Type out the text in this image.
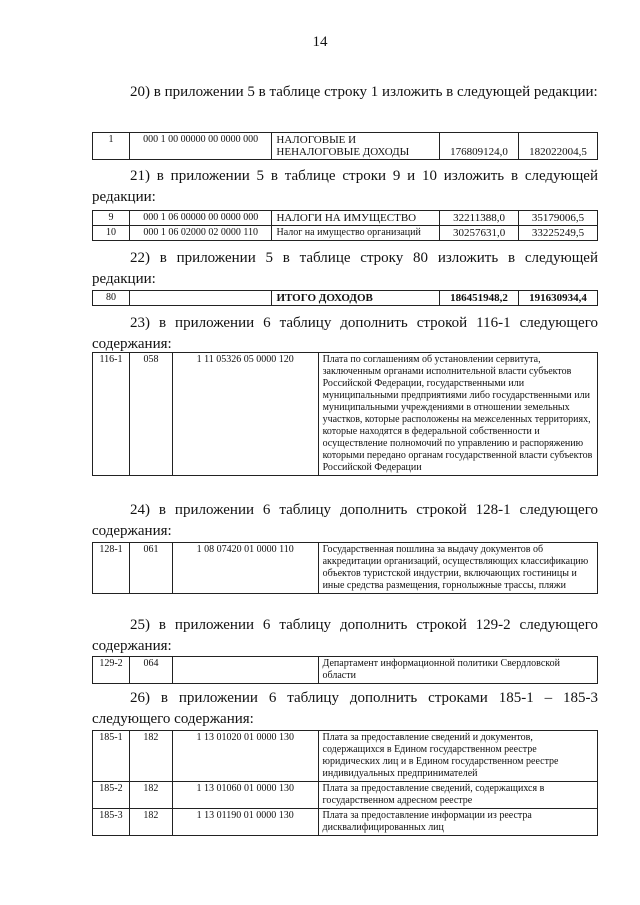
14

20) в приложении 5 в таблице строку 1 изложить в следующей редакции:

1	000 1 00 00000 00 0000 000	НАЛОГОВЫЕ И НЕНАЛОГОВЫЕ ДОХОДЫ	176809124,0	182022004,5

21) в приложении 5 в таблице строки 9 и 10 изложить в следующей редакции:

9	000 1 06 00000 00 0000 000	НАЛОГИ НА ИМУЩЕСТВО	32211388,0	35179006,5
10	000 1 06 02000 02 0000 110	Налог на имущество организаций	30257631,0	33225249,5

22) в приложении 5 в таблице строку 80 изложить в следующей редакции:

80		ИТОГО ДОХОДОВ	186451948,2	191630934,4

23) в приложении 6 таблицу дополнить строкой 116-1 следующего содержания:

116-1	058	1 11 05326 05 0000 120	Плата по соглашениям об установлении сервитута, заключенным органами исполнительной власти субъектов Российской Федерации, государственными или муниципальными предприятиями либо государственными или муниципальными учреждениями в отношении земельных участков, которые расположены на межселенных территориях, которые находятся в федеральной собственности и осуществление полномочий по управлению и распоряжению которыми передано органам государственной власти субъектов Российской Федерации

24) в приложении 6 таблицу дополнить строкой 128-1 следующего содержания:

128-1	061	1 08 07420 01 0000 110	Государственная пошлина за выдачу документов об аккредитации организаций, осуществляющих классификацию объектов туристской индустрии, включающих гостиницы и иные средства размещения, горнолыжные трассы, пляжи

25) в приложении 6 таблицу дополнить строкой 129-2 следующего содержания:

129-2	064		Департамент информационной политики Свердловской области

26) в приложении 6 таблицу дополнить строками 185-1 – 185-3 следующего содержания:

185-1	182	1 13 01020 01 0000 130	Плата за предоставление сведений и документов, содержащихся в Едином государственном реестре юридических лиц и в Едином государственном реестре индивидуальных предпринимателей
185-2	182	1 13 01060 01 0000 130	Плата за предоставление сведений, содержащихся в государственном адресном реестре
185-3	182	1 13 01190 01 0000 130	Плата за предоставление информации из реестра дисквалифицированных лиц
